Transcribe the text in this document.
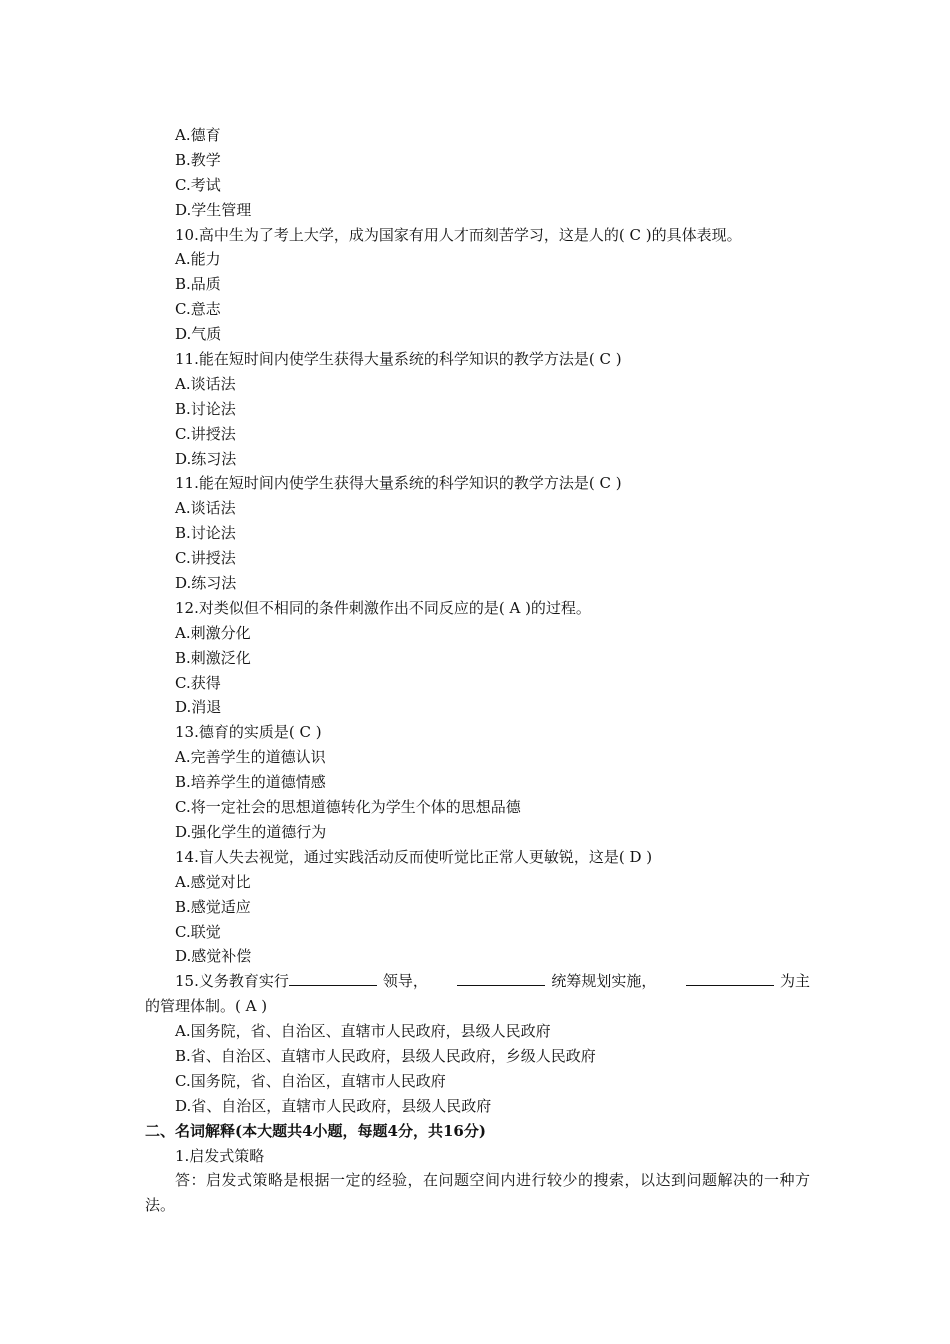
A.德育
B.教学
C.考试
D.学生管理
10.高中生为了考上大学，成为国家有用人才而刻苦学习，这是人的( C )的具体表现。
A.能力
B.品质
C.意志
D.气质
11.能在短时间内使学生获得大量系统的科学知识的教学方法是( C )
A.谈话法
B.讨论法
C.讲授法
D.练习法
11.能在短时间内使学生获得大量系统的科学知识的教学方法是( C )
A.谈话法
B.讨论法
C.讲授法
D.练习法
12.对类似但不相同的条件刺激作出不同反应的是( A )的过程。
A.刺激分化
B.刺激泛化
C.获得
D.消退
13.德育的实质是( C )
A.完善学生的道德认识
B.培养学生的道德情感
C.将一定社会的思想道德转化为学生个体的思想品德
D.强化学生的道德行为
14.盲人失去视觉，通过实践活动反而使听觉比正常人更敏锐，这是( D )
A.感觉对比
B.感觉适应
C.联觉
D.感觉补偿
15.义务教育实行	领导，	统筹规划实施，	为主
的管理体制。( A )
A.国务院，省、自治区、直辖市人民政府，县级人民政府
B.省、自治区、直辖市人民政府，县级人民政府，乡级人民政府
C.国务院，省、自治区，直辖市人民政府
D.省、自治区，直辖市人民政府，县级人民政府
二、名词解释(本大题共4小题，每题4分，共16分)
1.启发式策略
答：启发式策略是根据一定的经验，在问题空间内进行较少的搜索，以达到问题解决的一种方法。
